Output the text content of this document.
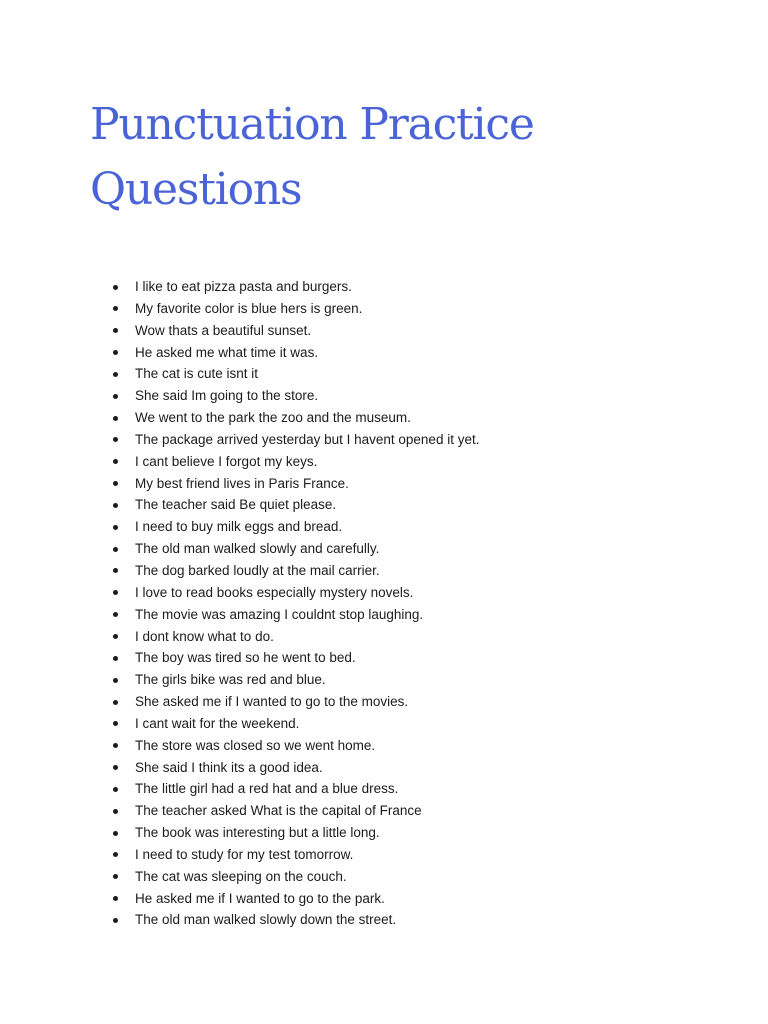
Punctuation Practice Questions
I like to eat pizza pasta and burgers.
My favorite color is blue hers is green.
Wow thats a beautiful sunset.
He asked me what time it was.
The cat is cute isnt it
She said Im going to the store.
We went to the park the zoo and the museum.
The package arrived yesterday but I havent opened it yet.
I cant believe I forgot my keys.
My best friend lives in Paris France.
The teacher said Be quiet please.
I need to buy milk eggs and bread.
The old man walked slowly and carefully.
The dog barked loudly at the mail carrier.
I love to read books especially mystery novels.
The movie was amazing I couldnt stop laughing.
I dont know what to do.
The boy was tired so he went to bed.
The girls bike was red and blue.
She asked me if I wanted to go to the movies.
I cant wait for the weekend.
The store was closed so we went home.
She said I think its a good idea.
The little girl had a red hat and a blue dress.
The teacher asked What is the capital of France
The book was interesting but a little long.
I need to study for my test tomorrow.
The cat was sleeping on the couch.
He asked me if I wanted to go to the park.
The old man walked slowly down the street.
